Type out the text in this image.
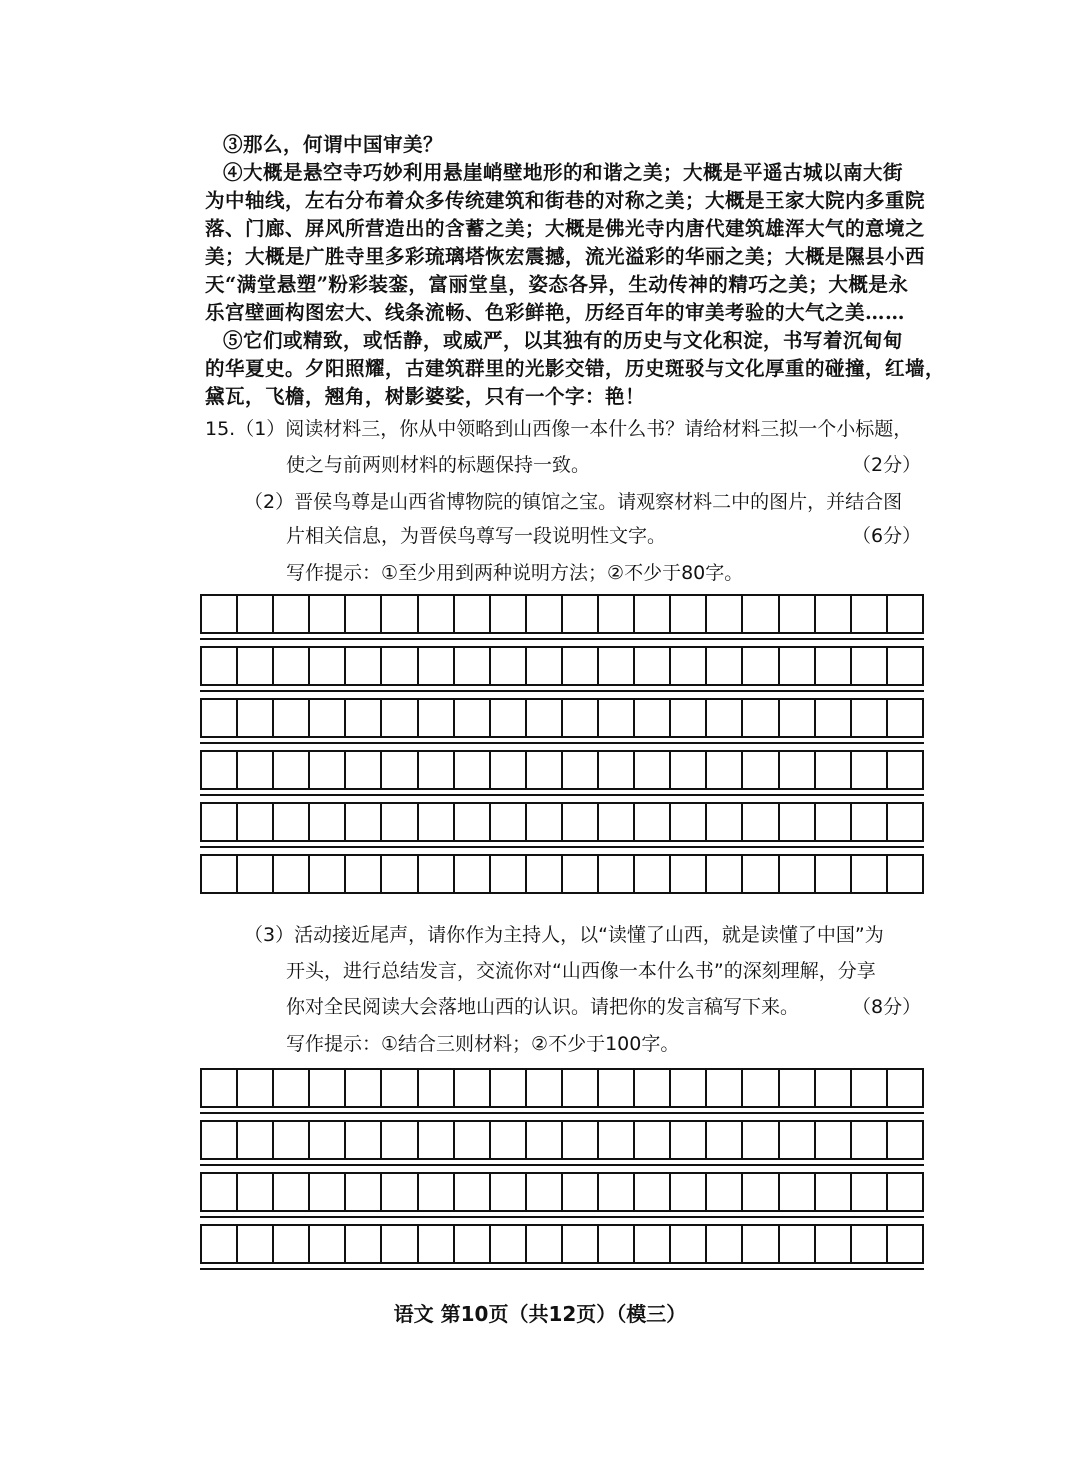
③那么，何谓中国审美？
④大概是悬空寺巧妙利用悬崖峭壁地形的和谐之美；大概是平遥古城以南大街
为中轴线，左右分布着众多传统建筑和街巷的对称之美；大概是王家大院内多重院
落、门廊、屏风所营造出的含蓄之美；大概是佛光寺内唐代建筑雄浑大气的意境之
美；大概是广胜寺里多彩琉璃塔恢宏震撼，流光溢彩的华丽之美；大概是隰县小西
天“满堂悬塑”粉彩装銮，富丽堂皇，姿态各异，生动传神的精巧之美；大概是永
乐宫壁画构图宏大、线条流畅、色彩鲜艳，历经百年的审美考验的大气之美……
⑤它们或精致，或恬静，或威严，以其独有的历史与文化积淀，书写着沉甸甸
的华夏史。夕阳照耀，古建筑群里的光影交错，历史斑驳与文化厚重的碰撞，红墙，
黛瓦，飞檐，翘角，树影婆娑，只有一个字：艳！
15.（1）阅读材料三，你从中领略到山西像一本什么书？请给材料三拟一个小标题，
使之与前两则材料的标题保持一致。	（2分）
（2）晋侯鸟尊是山西省博物院的镇馆之宝。请观察材料二中的图片，并结合图
片相关信息，为晋侯鸟尊写一段说明性文字。	（6分）
写作提示：①至少用到两种说明方法；②不少于80字。
（3）活动接近尾声，请你作为主持人，以“读懂了山西，就是读懂了中国”为
开头，进行总结发言，交流你对“山西像一本什么书”的深刻理解，分享
你对全民阅读大会落地山西的认识。请把你的发言稿写下来。	（8分）
写作提示：①结合三则材料；②不少于100字。
语文 第10页（共12页）（模三）
